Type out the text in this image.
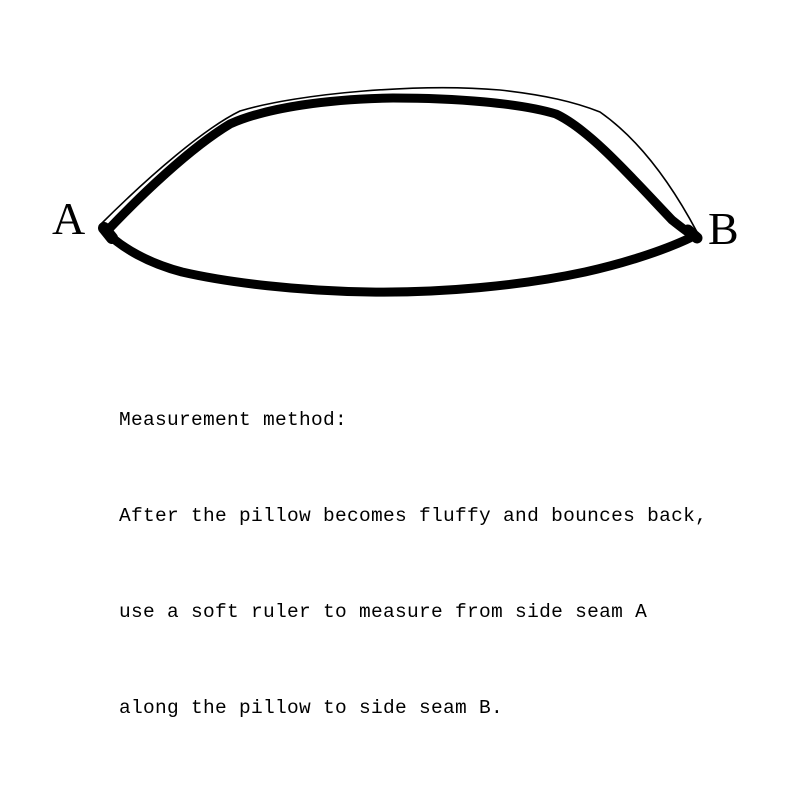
A	B

Measurement method:

After the pillow becomes fluffy and bounces back,

use a soft ruler to measure from side seam A

along the pillow to side seam B.
